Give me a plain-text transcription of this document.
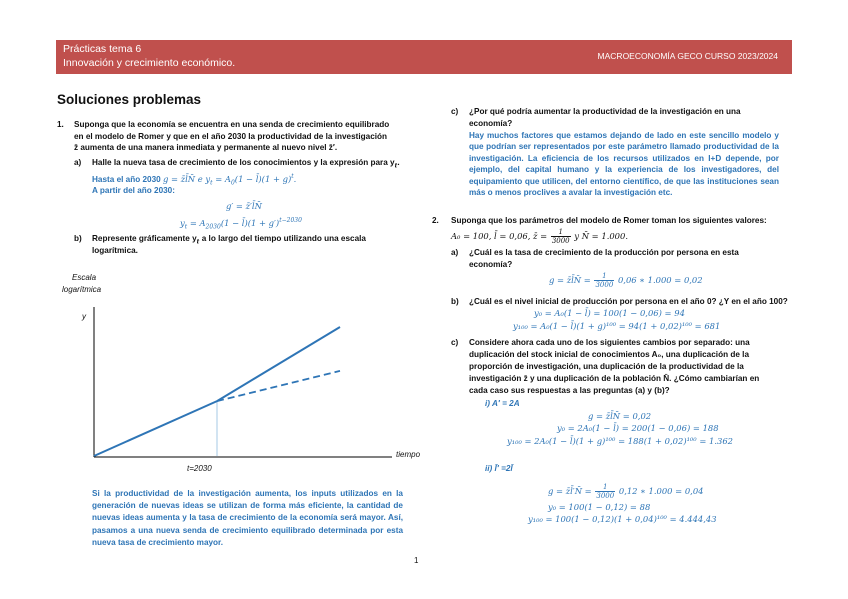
Prácticas tema 6
Innovación y crecimiento económico.
MACROECONOMÍA GECO CURSO 2023/2024
Soluciones problemas
1. Suponga que la economía se encuentra en una senda de crecimiento equilibrado
en el modelo de Romer y que en el año 2030 la productividad de la investigación
z̄ aumenta de una manera inmediata y permanente al nuevo nivel z̄′.
a) Halle la nueva tasa de crecimiento de los conocimientos y la expresión para $y_t$.
Hasta el año 2030 g = z̄l̄N̄ e $y_t = A_0(1$ − l̄)(1 + g)$^t$.
A partir del año 2030:
g′ = z̄′l̄N̄
$y_t = A_{2030}(1$ − l̄)(1 + g′)$^{t-2030}$
b) Represente gráficamente $y_t$ a lo largo del tiempo utilizando una escala
logarítmica.
Escala
logarítmica
y
t=2030
tiempo
Si la productividad de la investigación aumenta, los inputs utilizados en la generación de nuevas ideas se utilizan de forma más eficiente, la cantidad de nuevas ideas aumenta y la tasa de crecimiento de la economía será mayor. Así, pasamos a una nueva senda de crecimiento equilibrado determinada por esta nueva tasa de crecimiento mayor.
c) ¿Por qué podría aumentar la productividad de la investigación en una
economía?
Hay muchos factores que estamos dejando de lado en este sencillo modelo y que podrían ser representados por este parámetro llamado productividad de la investigación. La eficiencia de los recursos utilizados en I+D depende, por ejemplo, del capital humano y la experiencia de los investigadores, del equipamiento que utilicen, del entorno científico, de que las instituciones sean más o menos proclives a avalar la investigación etc.
2. Suponga que los parámetros del modelo de Romer toman los siguientes valores:
A₀ = 100, l̄ = 0,06, z̄ = $\frac{1}{3000}$ y N̄ = 1.000.
a) ¿Cuál es la tasa de crecimiento de la producción por persona en esta
economía?
g = z̄l̄N̄ = $\frac{1}{3000} 0,06$ ∗ 1.000 = 0,02
b) ¿Cuál es el nivel inicial de producción por persona en el año 0? ¿Y en el año 100?
y₀ = A₀(1 − l̄) = 100(1 − 0,06) = 94
y₁₀₀ = A₀(1 − l̄)(1 + g)¹⁰⁰ = 94(1 + 0,02)¹⁰⁰ = 681
c) Considere ahora cada uno de los siguientes cambios por separado: una
duplicación del stock inicial de conocimientos A₀, una duplicación de la
proporción de investigación, una duplicación de la productividad de la
investigación z̄ y una duplicación de la población N̄. ¿Cómo cambiarían en
cada caso sus respuestas a las preguntas (a) y (b)?
i) A′ = 2A
g = z̄l̄N̄ = 0,02
y₀ = 2A₀(1 − l̄) = 200(1 − 0,06) = 188
y₁₀₀ = 2A₀(1 − l̄)(1 + g)¹⁰⁰ = 188(1 + 0,02)¹⁰⁰ = 1.362
ii) l̄′ =2l̄
g = z̄l̄′N̄ = $\frac{1}{3000} 0,12$ ∗ 1.000 = 0,04
y₀ = 100(1 − 0,12) = 88
y₁₀₀ = 100(1 − 0,12)(1 + 0,04)¹⁰⁰ = 4.444,43
1
